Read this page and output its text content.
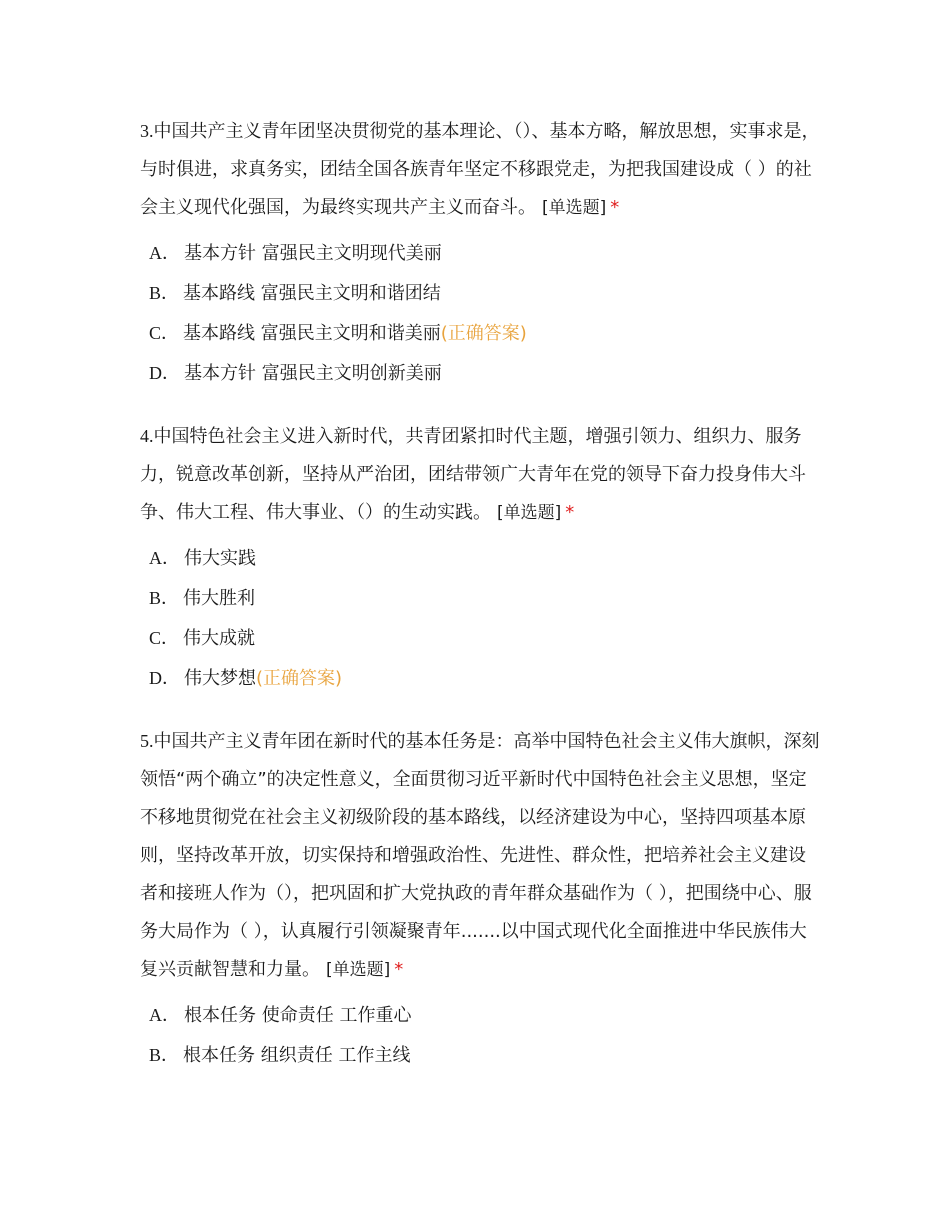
3.中国共产主义青年团坚决贯彻党的基本理论、（）、基本方略，解放思想，实事求是，与时俱进，求真务实，团结全国各族青年坚定不移跟党走，为把我国建设成（ ）的社会主义现代化强国，为最终实现共产主义而奋斗。 [单选题] *

A． 基本方针 富强民主文明现代美丽
B． 基本路线 富强民主文明和谐团结
C． 基本路线 富强民主文明和谐美丽(正确答案)
D． 基本方针 富强民主文明创新美丽

4.中国特色社会主义进入新时代，共青团紧扣时代主题，增强引领力、组织力、服务力，锐意改革创新，坚持从严治团，团结带领广大青年在党的领导下奋力投身伟大斗争、伟大工程、伟大事业、（）的生动实践。 [单选题] *

A． 伟大实践
B． 伟大胜利
C． 伟大成就
D． 伟大梦想(正确答案)

5.中国共产主义青年团在新时代的基本任务是：高举中国特色社会主义伟大旗帜，深刻领悟“两个确立”的决定性意义，全面贯彻习近平新时代中国特色社会主义思想，坚定不移地贯彻党在社会主义初级阶段的基本路线，以经济建设为中心，坚持四项基本原则，坚持改革开放，切实保持和增强政治性、先进性、群众性，把培养社会主义建设者和接班人作为（），把巩固和扩大党执政的青年群众基础作为（ ），把围绕中心、服务大局作为（ ），认真履行引领凝聚青年.......以中国式现代化全面推进中华民族伟大复兴贡献智慧和力量。 [单选题] *

A． 根本任务 使命责任 工作重心
B． 根本任务 组织责任 工作主线
